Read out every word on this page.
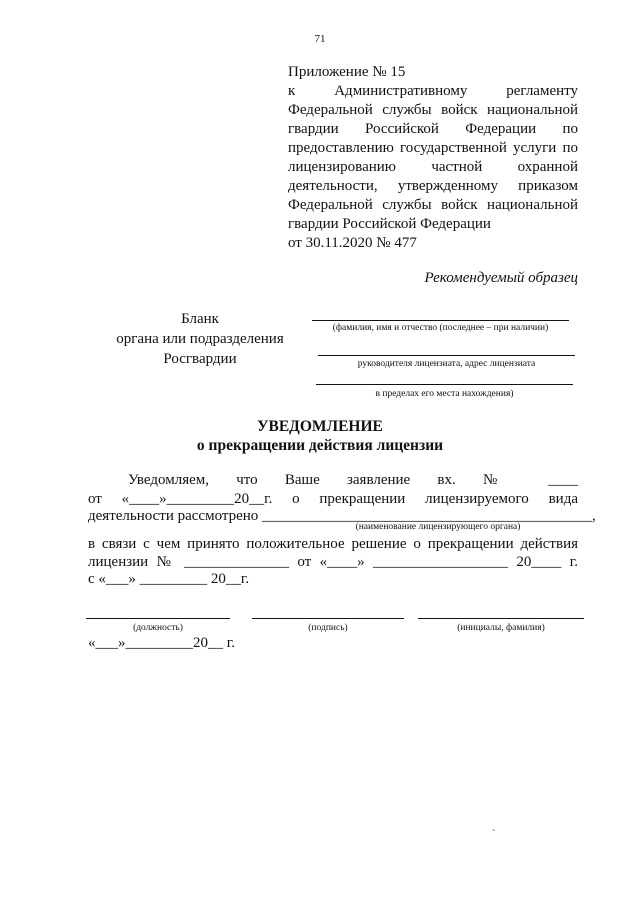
71
Приложение № 15
к Административному регламенту
Федеральной службы войск национальной
гвардии Российской Федерации по
предоставлению государственной услуги по
лицензированию частной охранной
деятельности, утвержденному приказом
Федеральной службы войск национальной
гвардии Российской Федерации
от 30.11.2020 № 477
Рекомендуемый образец
Бланк
органа или подразделения
Росгвардии
(фамилия, имя и отчество (последнее – при наличии)
руководителя лицензиата, адрес лицензиата
в пределах его места нахождения)
УВЕДОМЛЕНИЕ
о прекращении действия лицензии
Уведомляем, что Ваше заявление вх. № ____
от «____»_________20__г. о прекращении лицензируемого вида
деятельности рассмотрено ____________________________________________,
(наименование лицензирующего органа)
в связи с чем принято положительное решение о прекращении действия
лицензии № ______________ от «____» __________________ 20____ г.
с «___» _________ 20__г.
(должность)	(подпись)	(инициалы, фамилия)
«___»_________20__ г.
ˋ
